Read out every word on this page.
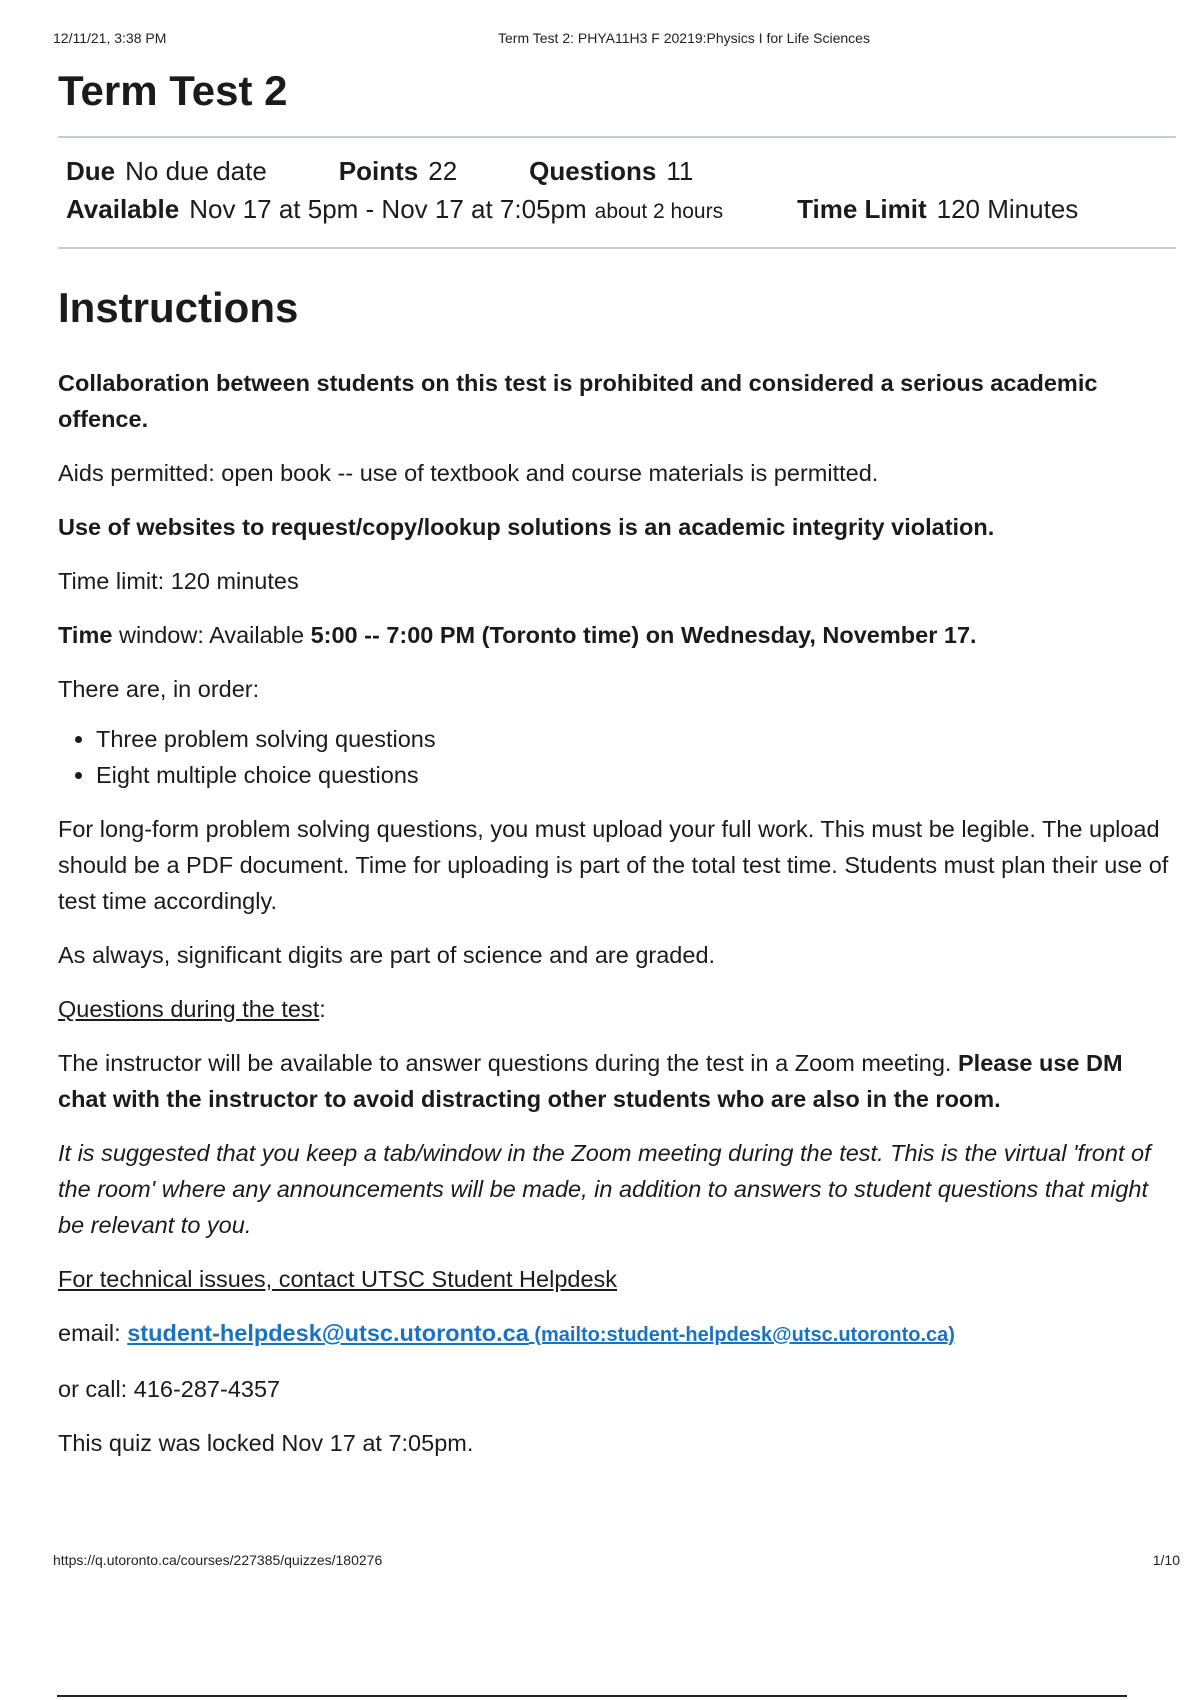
12/11/21, 3:38 PM	Term Test 2: PHYA11H3 F 20219:Physics I for Life Sciences
Term Test 2
Due No due date	Points 22	Questions 11
Available Nov 17 at 5pm - Nov 17 at 7:05pm about 2 hours	Time Limit 120 Minutes
Instructions

Collaboration between students on this test is prohibited and considered a serious academic offence.

Aids permitted: open book -- use of textbook and course materials is permitted.

Use of websites to request/copy/lookup solutions is an academic integrity violation.

Time limit: 120 minutes

Time window: Available 5:00 -- 7:00 PM (Toronto time) on Wednesday, November 17.

There are, in order:

• Three problem solving questions
• Eight multiple choice questions

For long-form problem solving questions, you must upload your full work. This must be legible. The upload should be a PDF document. Time for uploading is part of the total test time. Students must plan their use of test time accordingly.

As always, significant digits are part of science and are graded.

Questions during the test:

The instructor will be available to answer questions during the test in a Zoom meeting. Please use DM chat with the instructor to avoid distracting other students who are also in the room.

It is suggested that you keep a tab/window in the Zoom meeting during the test. This is the virtual 'front of the room' where any announcements will be made, in addition to answers to student questions that might be relevant to you.

For technical issues, contact UTSC Student Helpdesk

email: student-helpdesk@utsc.utoronto.ca (mailto:student-helpdesk@utsc.utoronto.ca)

or call: 416-287-4357

This quiz was locked Nov 17 at 7:05pm.

https://q.utoronto.ca/courses/227385/quizzes/180276	1/10
